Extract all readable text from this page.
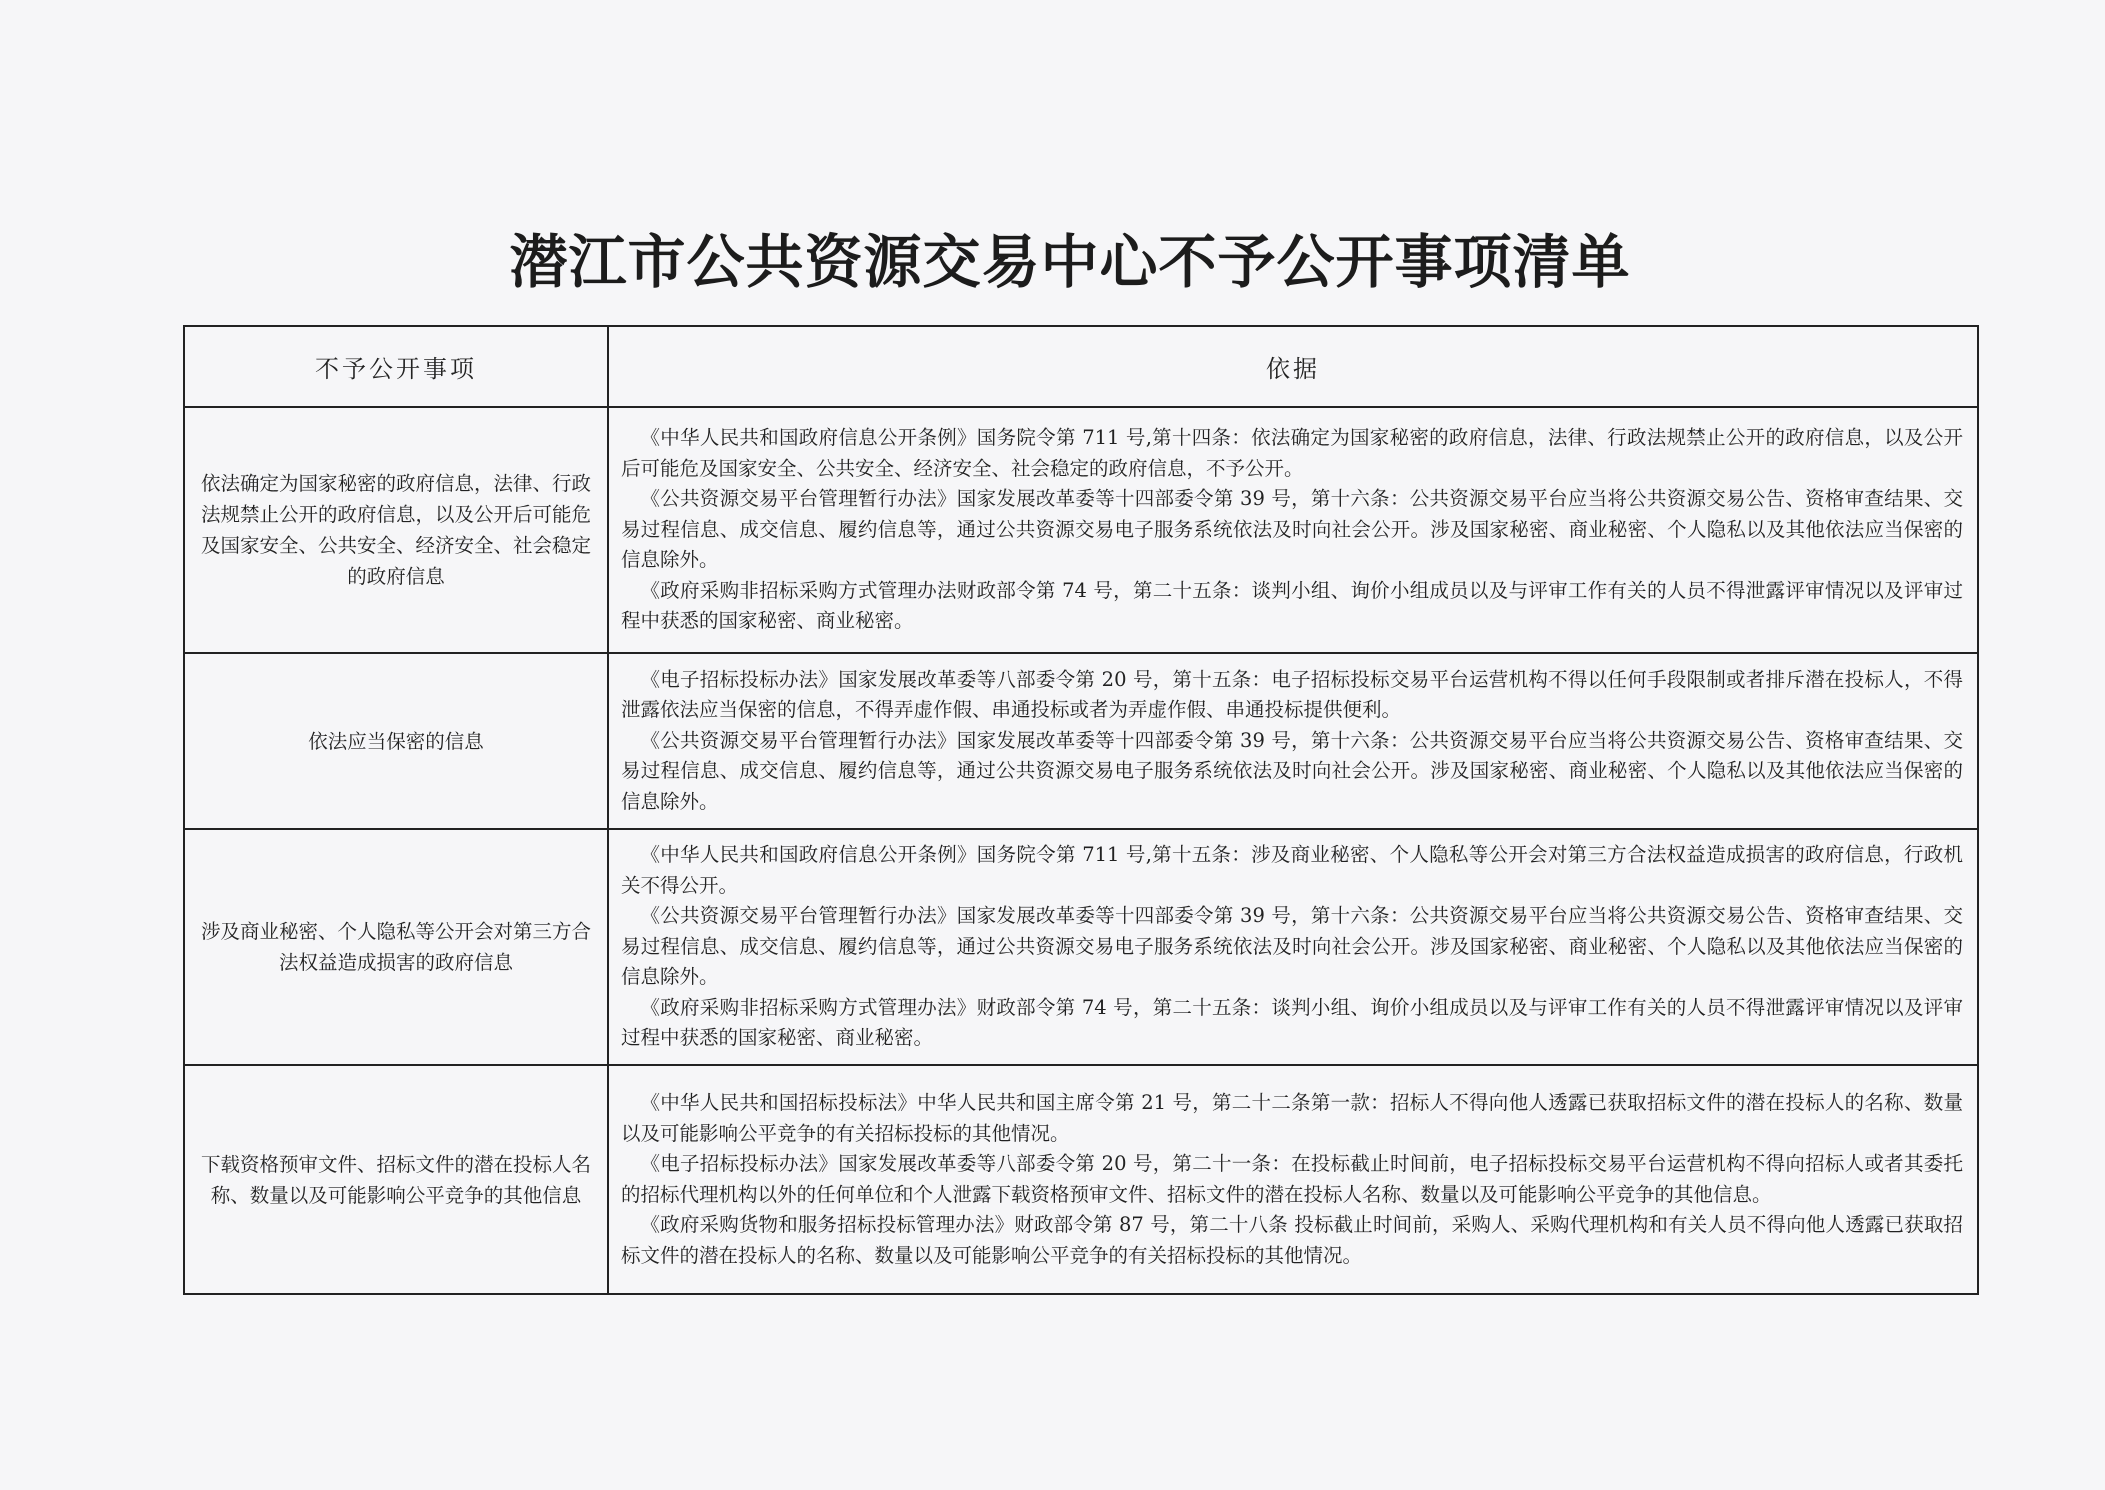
潜江市公共资源交易中心不予公开事项清单
不予公开事项	依据
依法确定为国家秘密的政府信息，法律、行政法规禁止公开的政府信息，以及公开后可能危及国家安全、公共安全、经济安全、社会稳定的政府信息	《中华人民共和国政府信息公开条例》国务院令第 711 号,第十四条：依法确定为国家秘密的政府信息，法律、行政法规禁止公开的政府信息，以及公开后可能危及国家安全、公共安全、经济安全、社会稳定的政府信息，不予公开。

《公共资源交易平台管理暂行办法》国家发展改革委等十四部委令第 39 号，第十六条：公共资源交易平台应当将公共资源交易公告、资格审查结果、交易过程信息、成交信息、履约信息等，通过公共资源交易电子服务系统依法及时向社会公开。涉及国家秘密、商业秘密、个人隐私以及其他依法应当保密的信息除外。

《政府采购非招标采购方式管理办法财政部令第 74 号，第二十五条：谈判小组、询价小组成员以及与评审工作有关的人员不得泄露评审情况以及评审过程中获悉的国家秘密、商业秘密。

依法应当保密的信息	《电子招标投标办法》国家发展改革委等八部委令第 20 号，第十五条：电子招标投标交易平台运营机构不得以任何手段限制或者排斥潜在投标人，不得泄露依法应当保密的信息，不得弄虚作假、串通投标或者为弄虚作假、串通投标提供便利。

《公共资源交易平台管理暂行办法》国家发展改革委等十四部委令第 39 号，第十六条：公共资源交易平台应当将公共资源交易公告、资格审查结果、交易过程信息、成交信息、履约信息等，通过公共资源交易电子服务系统依法及时向社会公开。涉及国家秘密、商业秘密、个人隐私以及其他依法应当保密的信息除外。

涉及商业秘密、个人隐私等公开会对第三方合法权益造成损害的政府信息	《中华人民共和国政府信息公开条例》国务院令第 711 号,第十五条：涉及商业秘密、个人隐私等公开会对第三方合法权益造成损害的政府信息，行政机关不得公开。

《公共资源交易平台管理暂行办法》国家发展改革委等十四部委令第 39 号，第十六条：公共资源交易平台应当将公共资源交易公告、资格审查结果、交易过程信息、成交信息、履约信息等，通过公共资源交易电子服务系统依法及时向社会公开。涉及国家秘密、商业秘密、个人隐私以及其他依法应当保密的信息除外。

《政府采购非招标采购方式管理办法》财政部令第 74 号，第二十五条：谈判小组、询价小组成员以及与评审工作有关的人员不得泄露评审情况以及评审过程中获悉的国家秘密、商业秘密。

下载资格预审文件、招标文件的潜在投标人名称、数量以及可能影响公平竞争的其他信息	《中华人民共和国招标投标法》中华人民共和国主席令第 21 号，第二十二条第一款：招标人不得向他人透露已获取招标文件的潜在投标人的名称、数量以及可能影响公平竞争的有关招标投标的其他情况。

《电子招标投标办法》国家发展改革委等八部委令第 20 号，第二十一条：在投标截止时间前，电子招标投标交易平台运营机构不得向招标人或者其委托的招标代理机构以外的任何单位和个人泄露下载资格预审文件、招标文件的潜在投标人名称、数量以及可能影响公平竞争的其他信息。

《政府采购货物和服务招标投标管理办法》财政部令第 87 号，第二十八条 投标截止时间前，采购人、采购代理机构和有关人员不得向他人透露已获取招标文件的潜在投标人的名称、数量以及可能影响公平竞争的有关招标投标的其他情况。
